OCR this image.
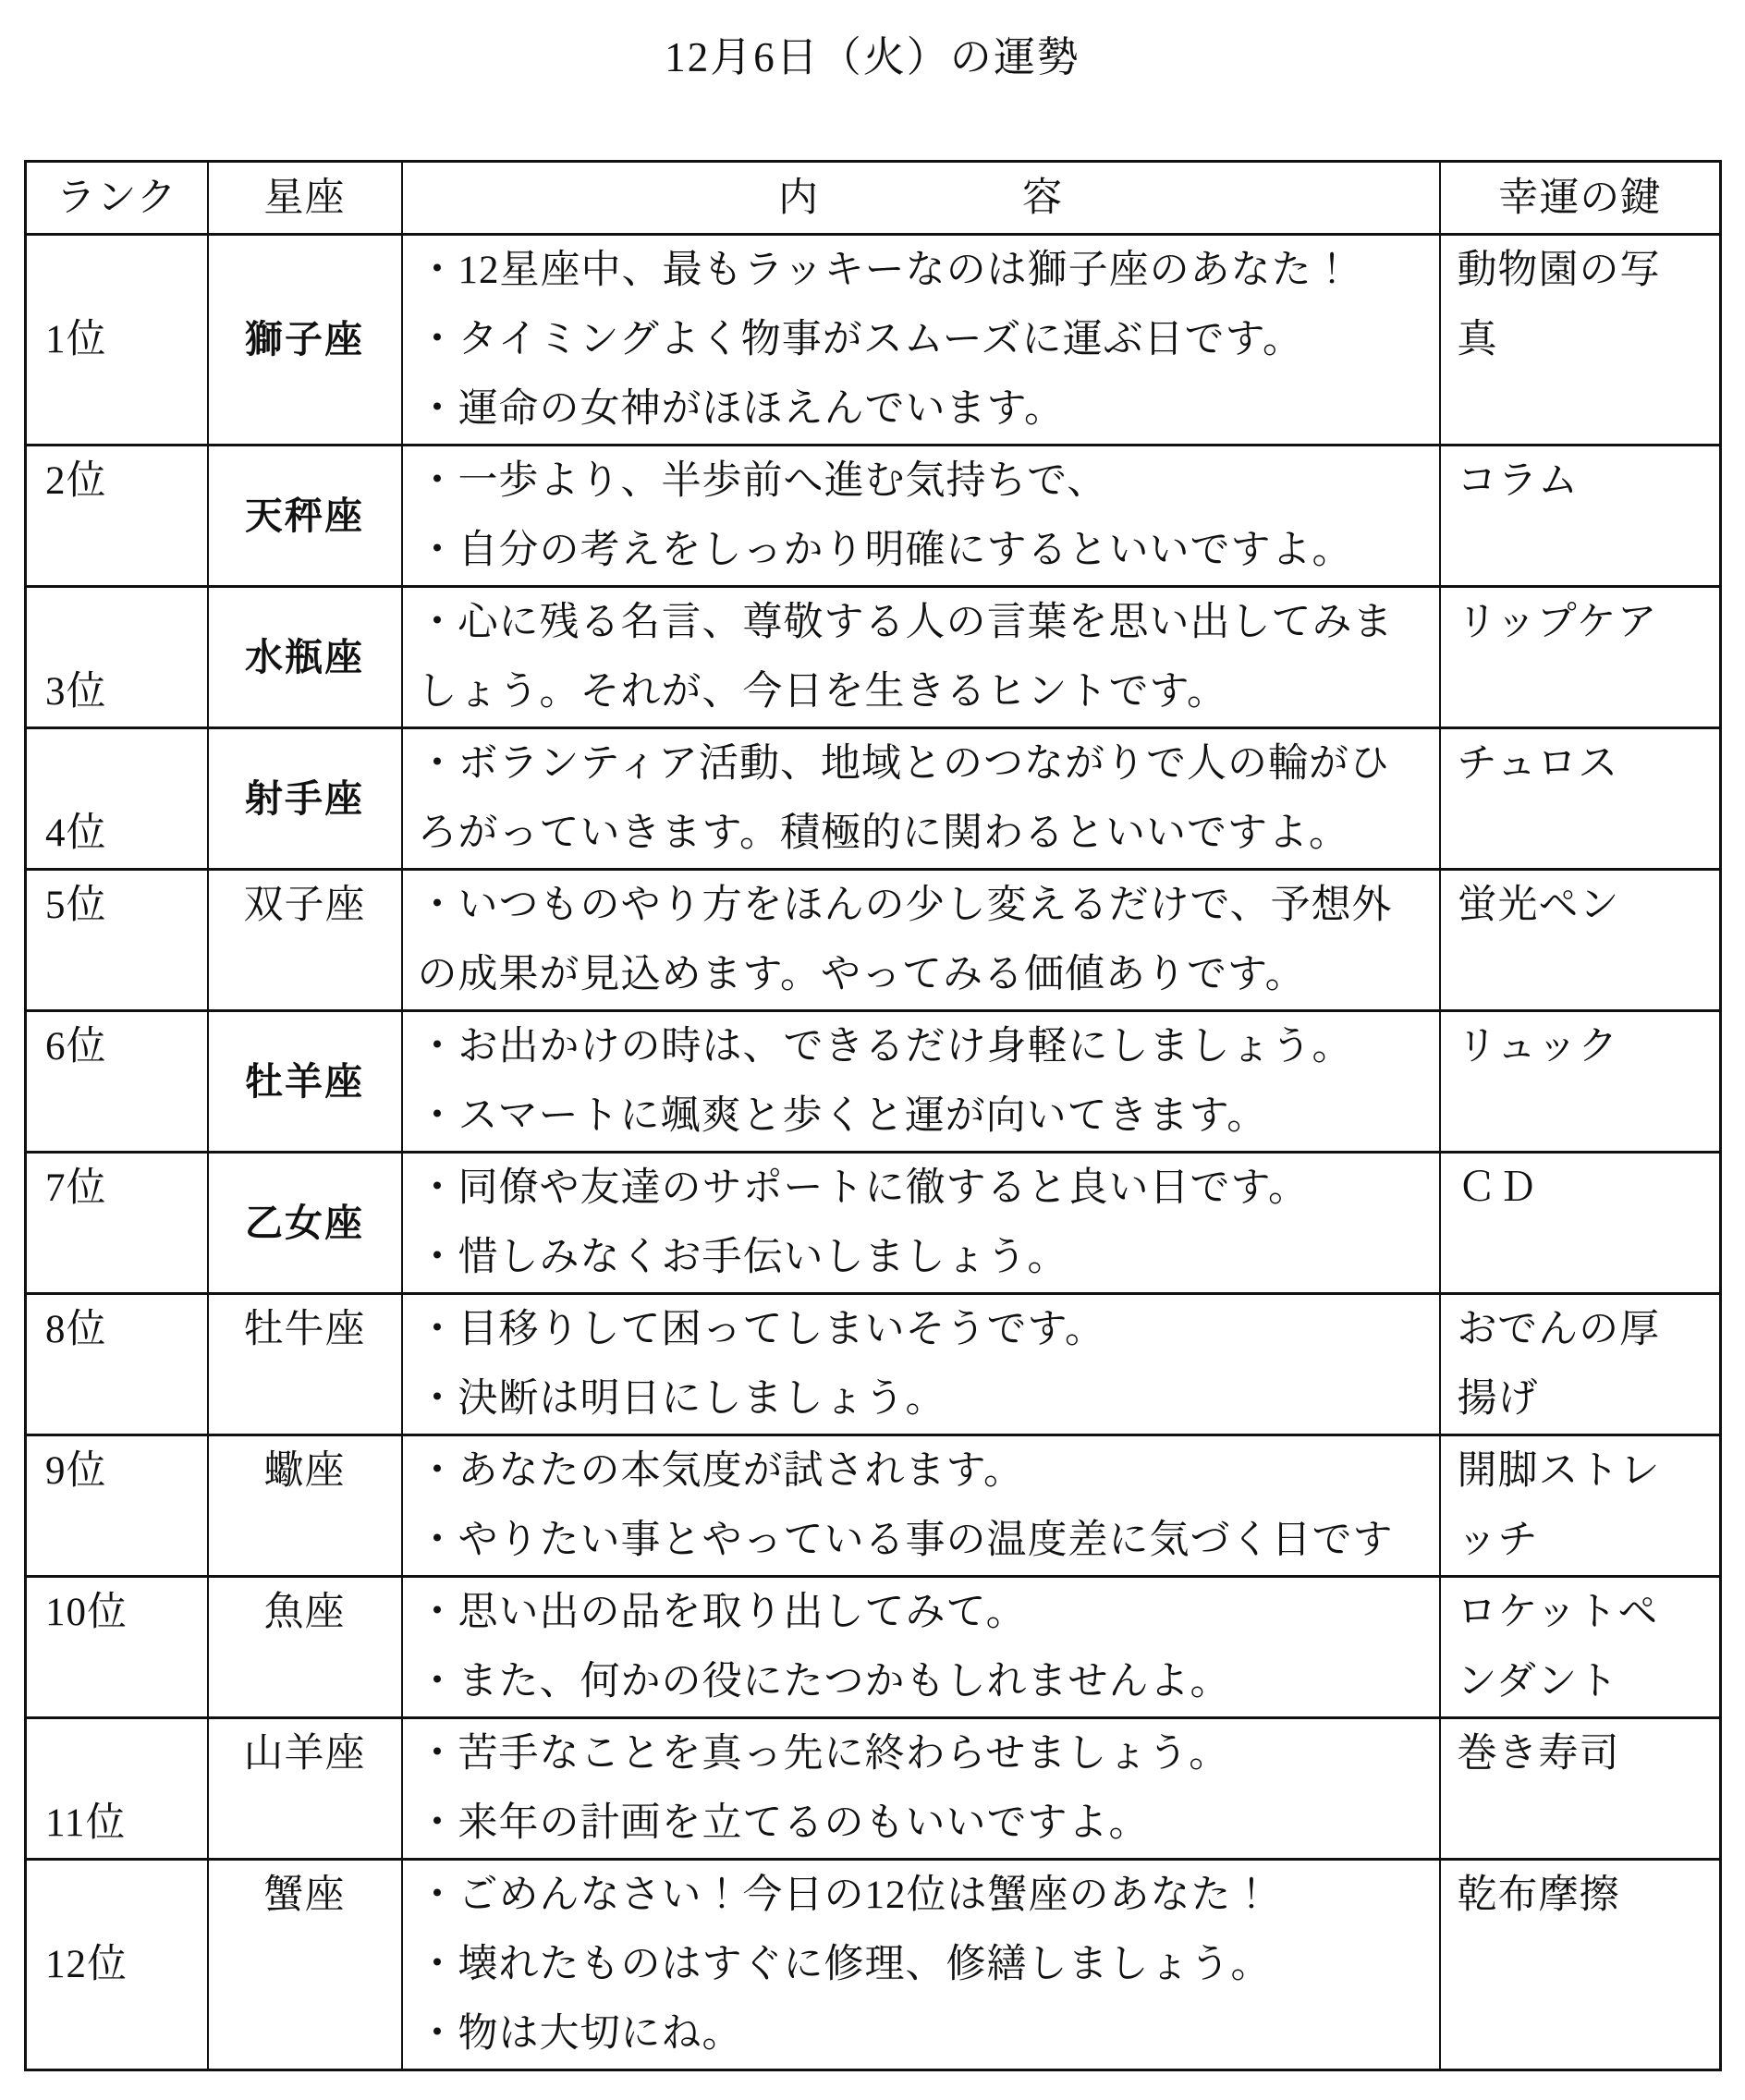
12月6日（火）の運勢
ランク	星座	内　　　　　容	幸運の鍵
1位	獅子座	・12星座中、最もラッキーなのは獅子座のあなた！
・タイミングよく物事がスムーズに運ぶ日です。
・運命の女神がほほえんでいます。	動物園の写真
2位	天秤座	・一歩より、半歩前へ進む気持ちで、
・自分の考えをしっかり明確にするといいですよ。	コラム
3位	水瓶座	・心に残る名言、尊敬する人の言葉を思い出してみましょう。それが、今日を生きるヒントです。	リップケア
4位	射手座	・ボランティア活動、地域とのつながりで人の輪がひろがっていきます。積極的に関わるといいですよ。	チュロス
5位	双子座	・いつものやり方をほんの少し変えるだけで、予想外の成果が見込めます。やってみる価値ありです。	蛍光ペン
6位	牡羊座	・お出かけの時は、できるだけ身軽にしましょう。
・スマートに颯爽と歩くと運が向いてきます。	リュック
7位	乙女座	・同僚や友達のサポートに徹すると良い日です。
・惜しみなくお手伝いしましょう。	ＣＤ
8位	牡牛座	・目移りして困ってしまいそうです。
・決断は明日にしましょう。	おでんの厚揚げ
9位	蠍座	・あなたの本気度が試されます。
・やりたい事とやっている事の温度差に気づく日です	開脚ストレッチ
10位	魚座	・思い出の品を取り出してみて。
・また、何かの役にたつかもしれませんよ。	ロケットペンダント
11位	山羊座	・苦手なことを真っ先に終わらせましょう。
・来年の計画を立てるのもいいですよ。	巻き寿司
12位	蟹座	・ごめんなさい！今日の12位は蟹座のあなた！
・壊れたものはすぐに修理、修繕しましょう。
・物は大切にね。	乾布摩擦
